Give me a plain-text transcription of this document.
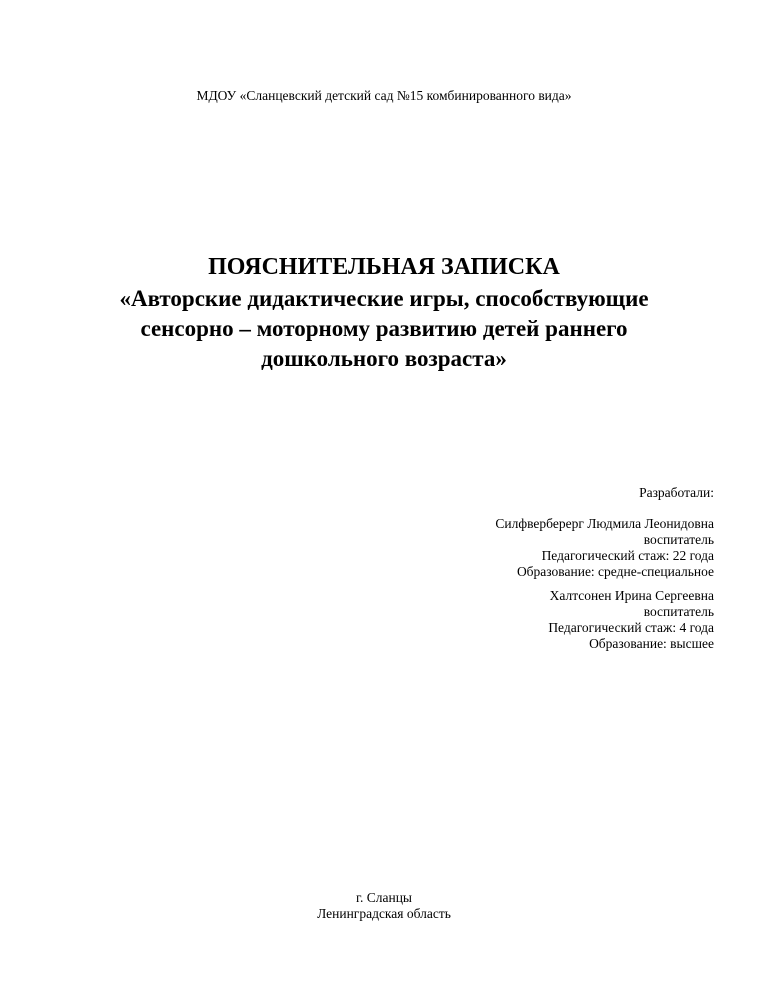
МДОУ «Сланцевский детский сад №15 комбинированного вида»
ПОЯСНИТЕЛЬНАЯ ЗАПИСКА
«Авторские дидактические игры, способствующие
сенсорно – моторному развитию детей раннего
дошкольного возраста»
Разработали:
Силфверберерг Людмила Леонидовна
воспитатель
Педагогический стаж: 22 года
Образование: средне-специальное
Халтсонен Ирина Сергеевна
воспитатель
Педагогический стаж: 4 года
Образование: высшее
г. Сланцы
Ленинградская область
